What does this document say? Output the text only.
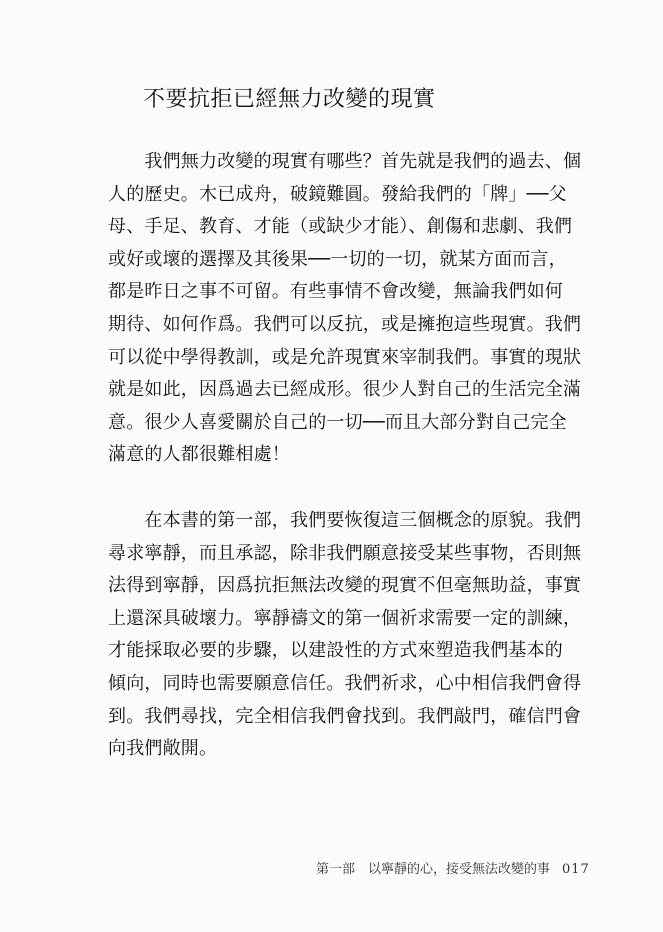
不要抗拒已經無力改變的現實
　　我們無力改變的現實有哪些？首先就是我們的過去、個
人的歷史。木已成舟，破鏡難圓。發給我們的「牌」──父
母、手足、教育、才能（或缺少才能）、創傷和悲劇、我們
或好或壞的選擇及其後果──一切的一切，就某方面而言，
都是昨日之事不可留。有些事情不會改變，無論我們如何
期待、如何作爲。我們可以反抗，或是擁抱這些現實。我們
可以從中學得教訓，或是允許現實來宰制我們。事實的現狀
就是如此，因爲過去已經成形。很少人對自己的生活完全滿
意。很少人喜愛關於自己的一切──而且大部分對自己完全
滿意的人都很難相處！
　　在本書的第一部，我們要恢復這三個概念的原貌。我們
尋求寧靜，而且承認，除非我們願意接受某些事物，否則無
法得到寧靜，因爲抗拒無法改變的現實不但毫無助益，事實
上還深具破壞力。寧靜禱文的第一個祈求需要一定的訓練，
才能採取必要的步驟，以建設性的方式來塑造我們基本的
傾向，同時也需要願意信任。我們祈求，心中相信我們會得
到。我們尋找，完全相信我們會找到。我們敲門，確信門會
向我們敞開。
第一部　以寧靜的心，接受無法改變的事 017
